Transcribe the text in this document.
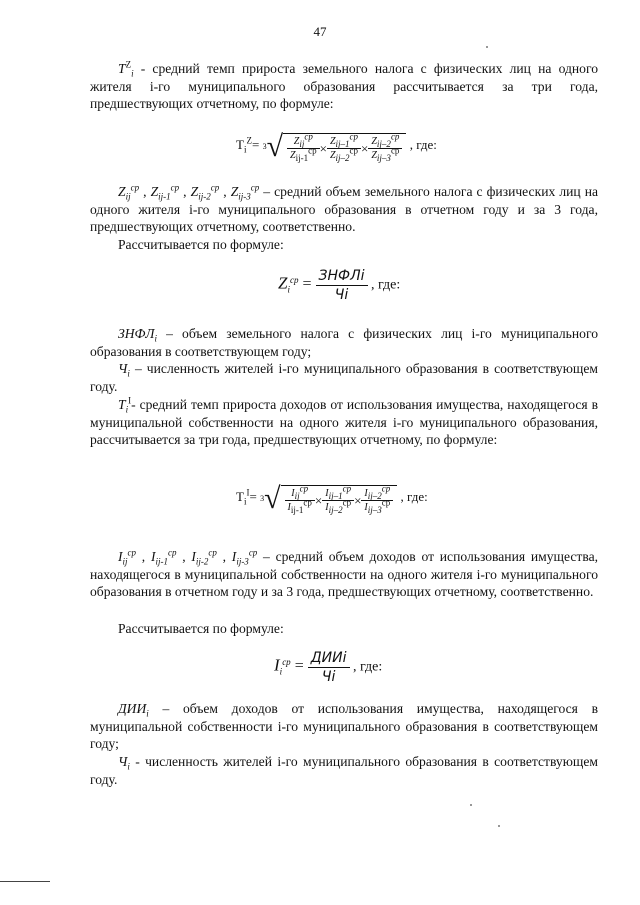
47
$T^Z_i$ - средний темп прироста земельного налога с физических лиц на одного жителя i-го муниципального образования рассчитывается за три года, предшествующих отчетному, по формуле:
$T_i^Z= 3$ √ $\frac{Z_{ij}^{cp}}{Z_{ij-1}^{cp}} \times \frac{Z_{ij-1}^{cp}}{Z_{ij-2}^{cp}} \times \frac{Z_{ij-2}^{cp}}{Z_{ij-3}^{cp}}$ , где:
$Z_{ij}^{cp}$ , $Z_{ij-1}^{cp}$ , $Z_{ij-2}^{cp}$ , $Z_{ij-3}^{cp}$ – средний объем земельного налога с физических лиц на одного жителя i-го муниципального образования в отчетном году и за 3 года, предшествующих отчетному, соответственно.
Рассчитывается по формуле:
$Z_i^{cp} = \frac{\text{ЗНФЛi}}{Чi}$ , где:
$ЗНФЛ_i$ – объем земельного налога с физических лиц i-го муниципального образования в соответствующем году;
$Ч_i$ – численность жителей i-го муниципального образования в соответствующем году.
$T_i^I-$ средний темп прироста доходов от использования имущества, находящегося в муниципальной собственности на одного жителя i-го муниципального образования, рассчитывается за три года, предшествующих отчетному, по формуле:
$T_i^I= 3$ √ $\frac{I_{ij}^{cp}}{I_{ij-1}^{cp}} \times \frac{I_{ij-1}^{cp}}{I_{ij-2}^{cp}} \times \frac{I_{ij-2}^{cp}}{I_{ij-3}^{cp}}$ , где:
$I_{ij}^{cp}$ , $I_{ij-1}^{cp}$ , $I_{ij-2}^{cp}$ , $I_{ij-3}^{cp}$ – средний объем доходов от использования имущества, находящегося в муниципальной собственности на одного жителя i-го муниципального образования в отчетном году и за 3 года, предшествующих отчетному, соответственно.
Рассчитывается по формуле:
$I_i^{cp} = \frac{\text{ДИИi}}{Чi}$ , где:
$ДИИ_i$ – объем доходов от использования имущества, находящегося в муниципальной собственности i-го муниципального образования в соответствующем году;
$Ч_i$ - численность жителей i-го муниципального образования в соответствующем году.
